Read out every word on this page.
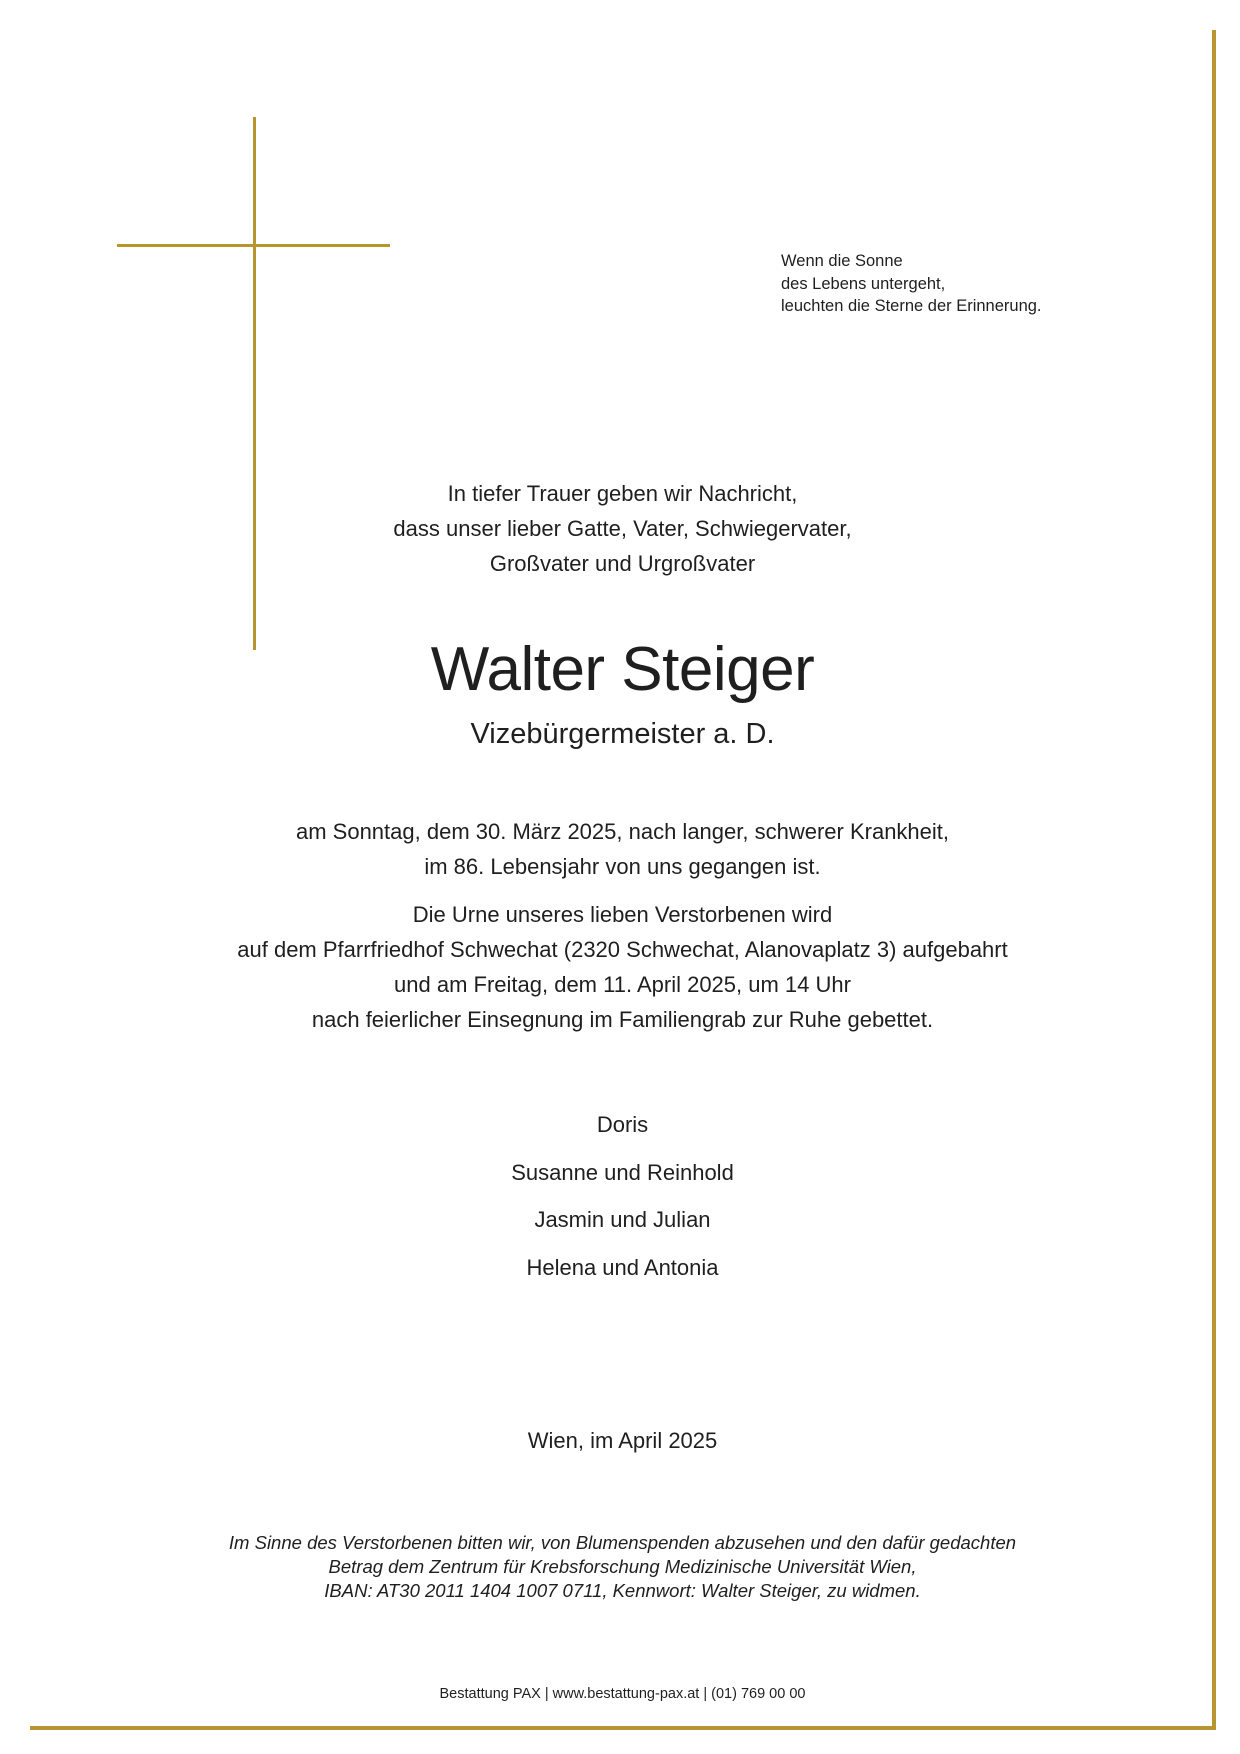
Wenn die Sonne
des Lebens untergeht,
leuchten die Sterne der Erinnerung.
In tiefer Trauer geben wir Nachricht,
dass unser lieber Gatte, Vater, Schwiegervater,
Großvater und Urgroßvater
Walter Steiger
Vizebürgermeister a. D.
am Sonntag, dem 30. März 2025, nach langer, schwerer Krankheit,
im 86. Lebensjahr von uns gegangen ist.
Die Urne unseres lieben Verstorbenen wird
auf dem Pfarrfriedhof Schwechat (2320 Schwechat, Alanovaplatz 3) aufgebahrt
und am Freitag, dem 11. April 2025, um 14 Uhr
nach feierlicher Einsegnung im Familiengrab zur Ruhe gebettet.
Doris
Susanne und Reinhold
Jasmin und Julian
Helena und Antonia
Wien, im April 2025
Im Sinne des Verstorbenen bitten wir, von Blumenspenden abzusehen und den dafür gedachten
Betrag dem Zentrum für Krebsforschung Medizinische Universität Wien,
IBAN: AT30 2011 1404 1007 0711, Kennwort: Walter Steiger, zu widmen.
Bestattung PAX | www.bestattung-pax.at | (01) 769 00 00
